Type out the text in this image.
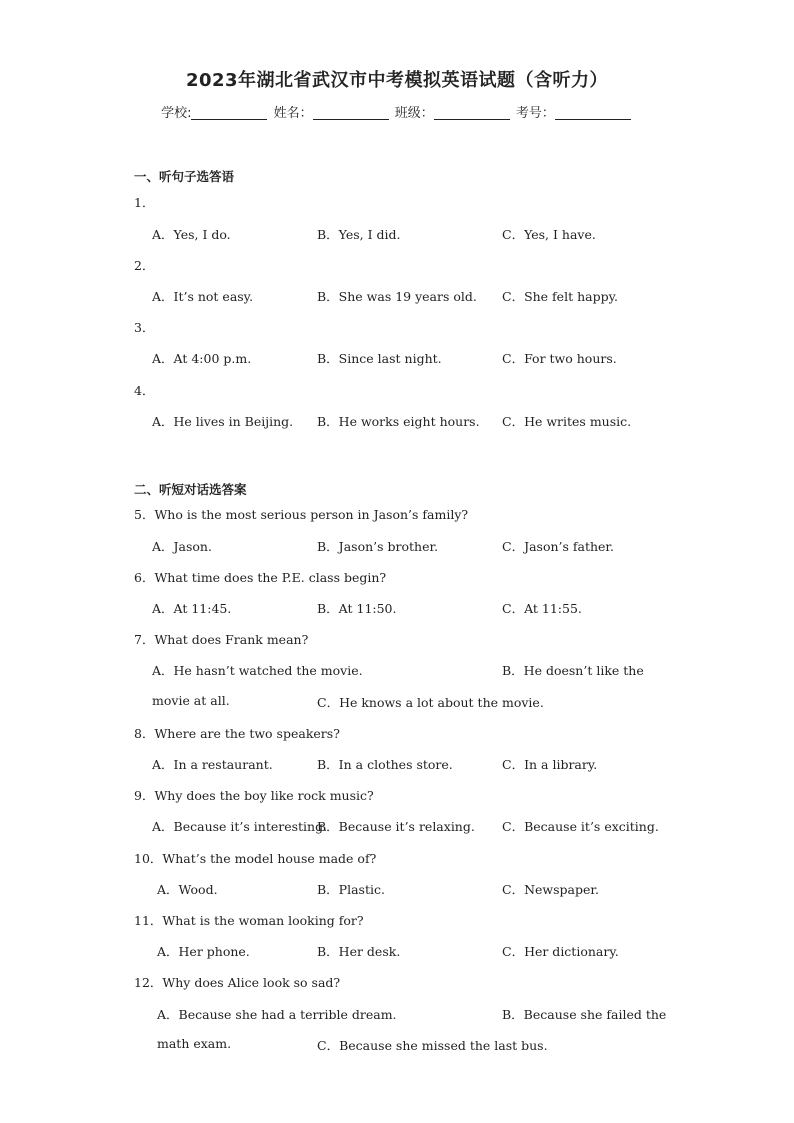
2023年湖北省武汉市中考模拟英语试题（含听力）
学校:	姓名：	班级：	考号：
一、听句子选答语
1．
A．Yes, I do.	B．Yes, I did.	C．Yes, I have.
2．
A．It’s not easy.	B．She was 19 years old. C．She felt happy.
3．
A．At 4:00 p.m.	B．Since last night.	C．For two hours.
4．
A．He lives in Beijing. B．He works eight hours. C．He writes music.
二、听短对话选答案
5．Who is the most serious person in Jason’s family?
A．Jason.	B．Jason’s brother.	C．Jason’s father.
6．What time does the P.E. class begin?
A．At 11:45.	B．At 11:50.	C．At 11:55.
7．What does Frank mean?
A．He hasn’t watched the movie.	B．He doesn’t like the
movie at all.	C．He knows a lot about the movie.
8．Where are the two speakers?
A．In a restaurant.	B．In a clothes store.	C．In a library.
9．Why does the boy like rock music?
A．Because it’s interesting.
B．Because it’s relaxing. C．Because it’s exciting.
10．What’s the model house made of?
A．Wood.	B．Plastic.	C．Newspaper.
11．What is the woman looking for?
A．Her phone.	B．Her desk.	C．Her dictionary.
12．Why does Alice look so sad?
A．Because she had a terrible dream.	B．Because she failed the
math exam.	C．Because she missed the last bus.
